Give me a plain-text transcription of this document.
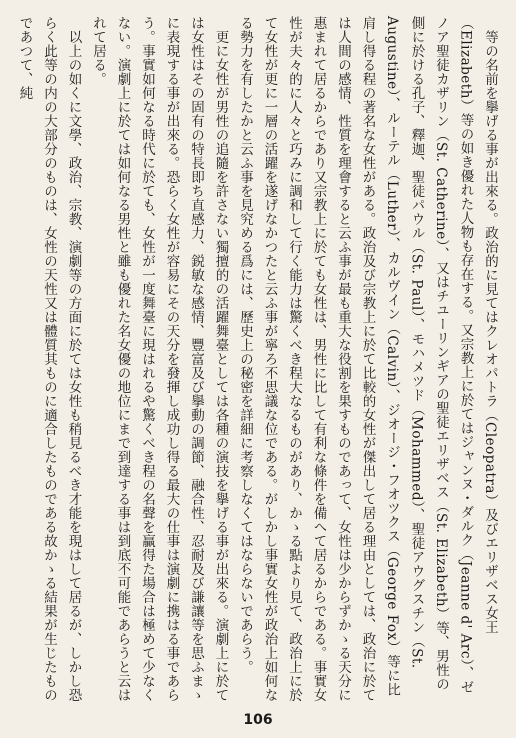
等の名前を擧げる事が出來る。政治的に見てはクレオパトラ（Cleopatra）及びエリザベス女王（Elizabeth）等の如き優れた人物も存在する。又宗教上に於てはジャンヌ・ダルク（Jeanne d' Arc）、ゼノア聖徒カザリン（St. Catherine）、又はチユーリンギアの聖徒エリザベス（St. Elizabeth）等、男性の側に於ける孔子、釋迦、聖徒パウル（St. Paul）、モハメツド（Mohammed）、聖徒アウグスチン（St. Augustine）、ルーテル（Luther）、カルヴイン（Calvin）、ジオージ・フオツクス（George Fox）等に比肩し得る程の著名な女性がある。政治及び宗教上に於て比較的女性が傑出して居る理由としては、政治に於ては人間の感情、性質を理會すると云ふ事が最も重大な役割を果すものであって、女性は少からずかゝる天分に惠まれて居るからであり又宗教上に於ても女性は、男性に比して有利な條件を備へて居るからである。事實女性が夫々的に人々と巧みに調和して行く能力は驚くべき程大なるものがあり、かゝる點より見て、政治上に於て女性が更に一層の活躍を遂げなかつたと云ふ事が寧ろ不思議な位である。がしかし事實女性が政治上如何なる勢力を有したかと云ふ事を見究める爲には、歷史上の秘密を詳細に考察しなくてはならないであらう。

更に女性が男性の追隨を許さない獨擅的の活躍舞臺としては各種の演技を擧げる事が出來る。演劇上に於ては女性はその固有の特長即ち直感力、鋭敏な感情、豐富及び擧動の調節、融合性、忍耐及び謙讓等を思ふまゝに表現する事が出來る。恐らく女性が容易にその天分を發揮し成功し得る最大の仕事は演劇に携はる事であらう。事實如何なる時代に於ても、女性が一度舞臺に現はれるや驚くべき程の名聲を贏得た場合は極めて少なくない。演劇上に於ては如何なる男性と雖も優れた名女優の地位にまで到達する事は到底不可能であらうと云はれて居る。

以上の如くに文學、政治、宗教、演劇等の方面に於ては女性も稍見るべき才能を現はして居るが、しかし恐らく此等の内の大部分のものは、女性の天性又は體質其ものに適合したものである故かゝる結果が生じたものであつて、純

106
